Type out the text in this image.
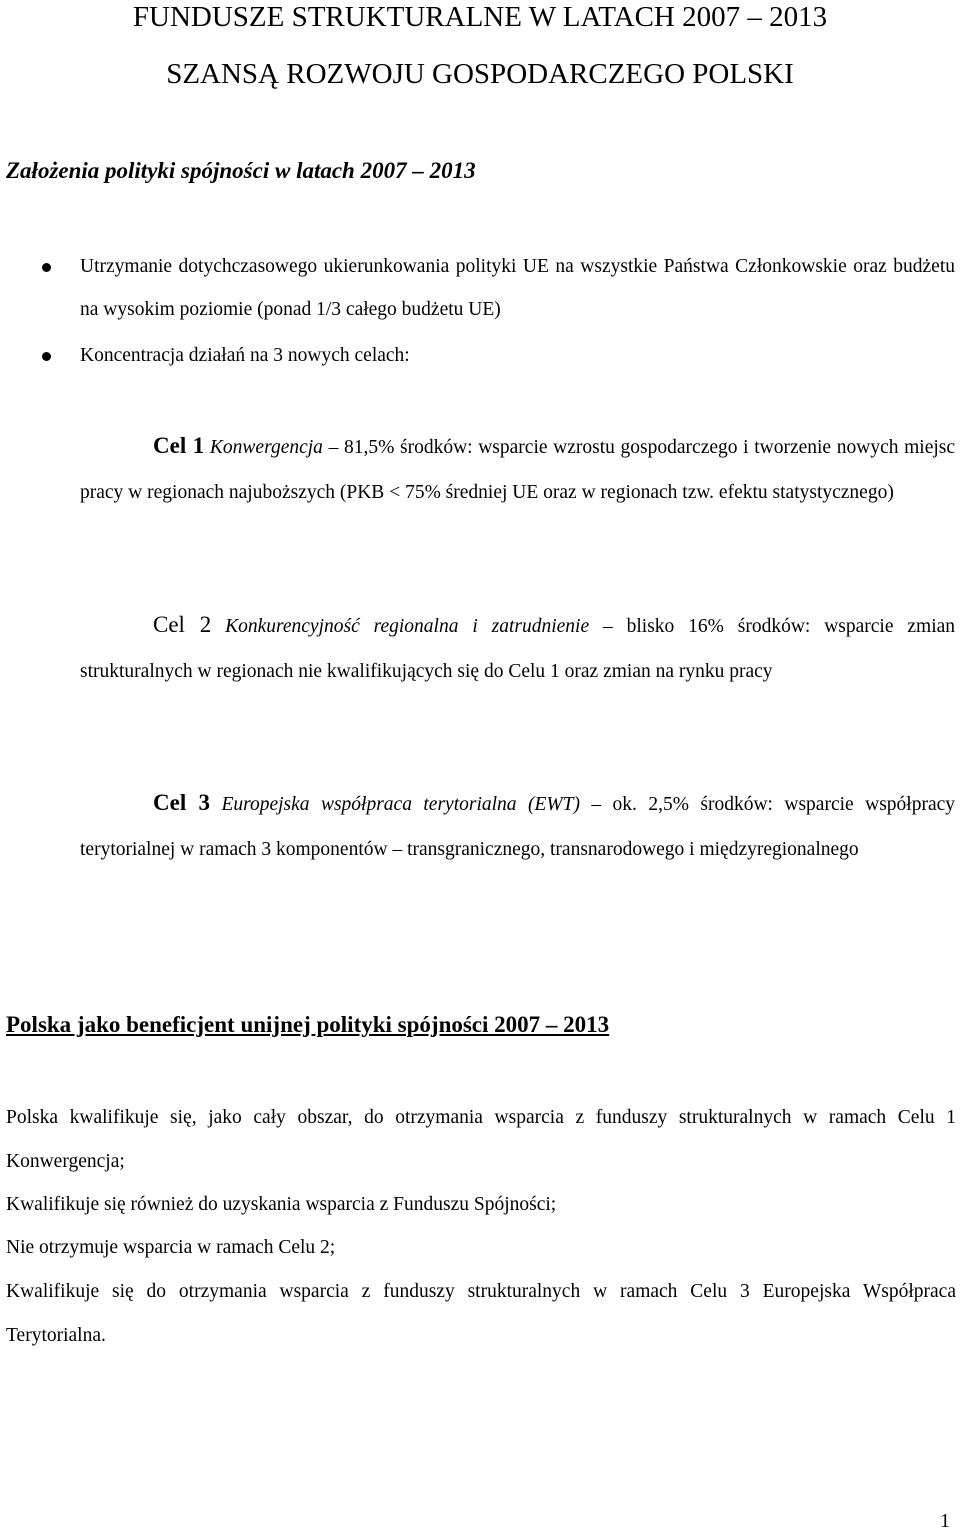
FUNDUSZE STRUKTURALNE W LATACH 2007 – 2013
SZANSĄ ROZWOJU GOSPODARCZEGO POLSKI
Założenia polityki spójności w latach 2007 – 2013
Utrzymanie dotychczasowego ukierunkowania polityki UE na wszystkie Państwa Członkowskie oraz budżetu na wysokim poziomie (ponad 1/3 całego budżetu UE)
Koncentracja działań na 3 nowych celach:
Cel 1 Konwergencja – 81,5% środków: wsparcie wzrostu gospodarczego i tworzenie nowych miejsc pracy w regionach najuboższych (PKB < 75% średniej UE oraz w regionach tzw. efektu statystycznego)
Cel 2 Konkurencyjność regionalna i zatrudnienie – blisko 16% środków: wsparcie zmian strukturalnych w regionach nie kwalifikujących się do Celu 1 oraz zmian na rynku pracy
Cel 3 Europejska współpraca terytorialna (EWT) – ok. 2,5% środków: wsparcie współpracy terytorialnej w ramach 3 komponentów – transgranicznego, transnarodowego i międzyregionalnego
Polska jako beneficjent unijnej polityki spójności 2007 – 2013
Polska kwalifikuje się, jako cały obszar, do otrzymania wsparcia z funduszy strukturalnych w ramach Celu 1 Konwergencja;
Kwalifikuje się również do uzyskania wsparcia z Funduszu Spójności;
Nie otrzymuje wsparcia w ramach Celu 2;
Kwalifikuje się do otrzymania wsparcia z funduszy strukturalnych w ramach Celu 3 Europejska Współpraca Terytorialna.
1
